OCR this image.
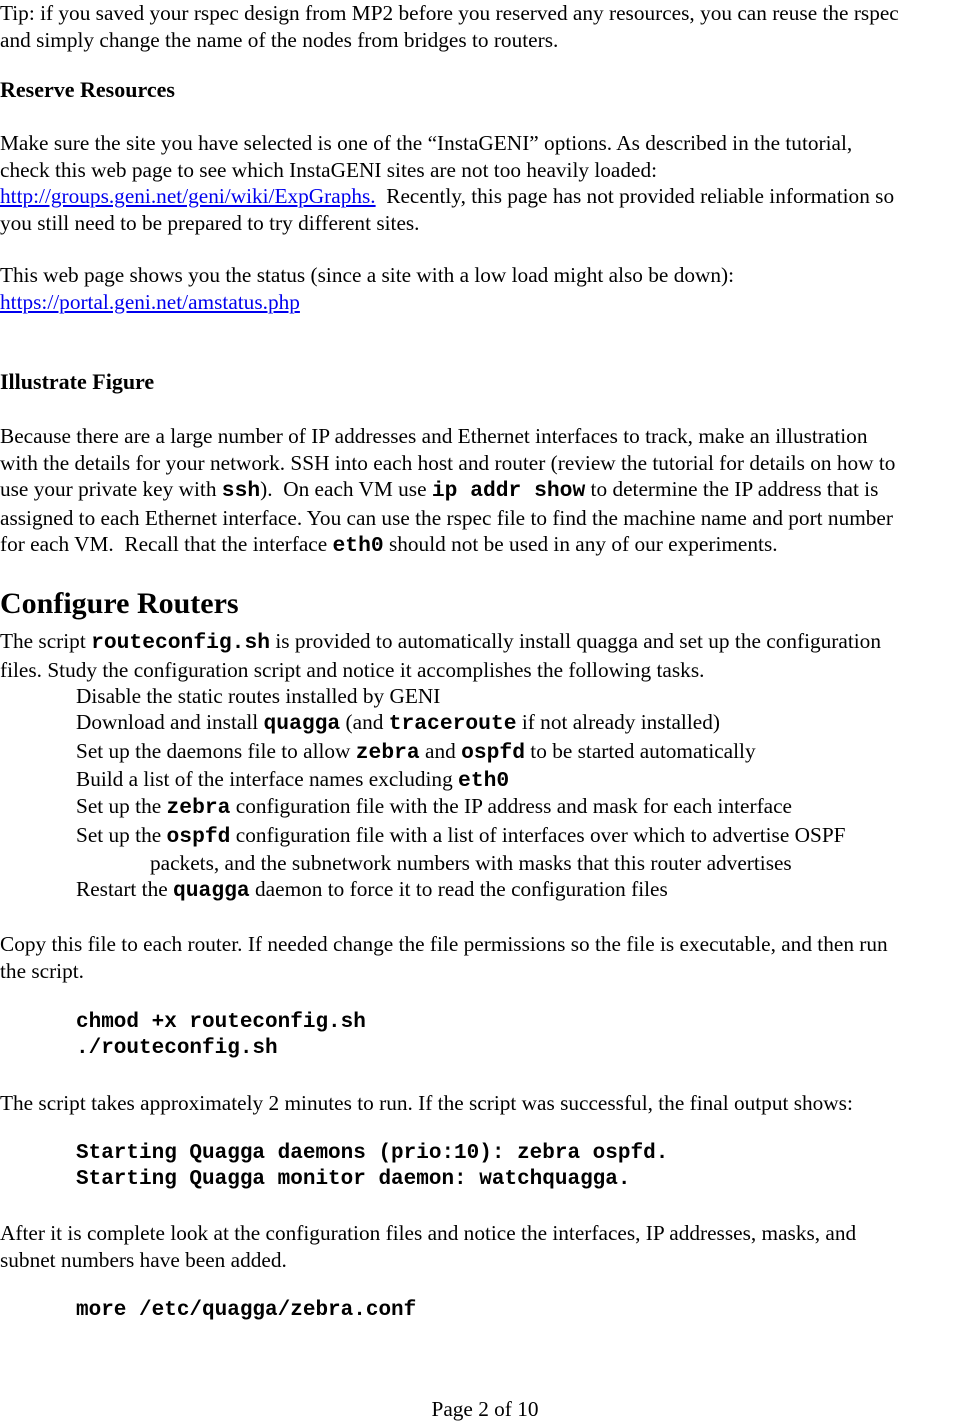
Tip: if you saved your rspec design from MP2 before you reserved any resources, you can reuse the rspec
and simply change the name of the nodes from bridges to routers.
Reserve Resources
Make sure the site you have selected is one of the “InstaGENI” options. As described in the tutorial,
check this web page to see which InstaGENI sites are not too heavily loaded:
http://groups.geni.net/geni/wiki/ExpGraphs.  Recently, this page has not provided reliable information so
you still need to be prepared to try different sites.
This web page shows you the status (since a site with a low load might also be down):
https://portal.geni.net/amstatus.php
Illustrate Figure
Because there are a large number of IP addresses and Ethernet interfaces to track, make an illustration
with the details for your network. SSH into each host and router (review the tutorial for details on how to
use your private key with ssh).  On each VM use ip addr show to determine the IP address that is
assigned to each Ethernet interface. You can use the rspec file to find the machine name and port number
for each VM.  Recall that the interface eth0 should not be used in any of our experiments.
Configure Routers
The script routeconfig.sh is provided to automatically install quagga and set up the configuration
files. Study the configuration script and notice it accomplishes the following tasks.
Disable the static routes installed by GENI
Download and install quagga (and traceroute if not already installed)
Set up the daemons file to allow zebra and ospfd to be started automatically
Build a list of the interface names excluding eth0
Set up the zebra configuration file with the IP address and mask for each interface
Set up the ospfd configuration file with a list of interfaces over which to advertise OSPF
packets, and the subnetwork numbers with masks that this router advertises
Restart the quagga daemon to force it to read the configuration files
Copy this file to each router. If needed change the file permissions so the file is executable, and then run
the script.
chmod +x routeconfig.sh
./routeconfig.sh
The script takes approximately 2 minutes to run. If the script was successful, the final output shows:
Starting Quagga daemons (prio:10): zebra ospfd.
Starting Quagga monitor daemon: watchquagga.
After it is complete look at the configuration files and notice the interfaces, IP addresses, masks, and
subnet numbers have been added.
more /etc/quagga/zebra.conf
Page 2 of 10
